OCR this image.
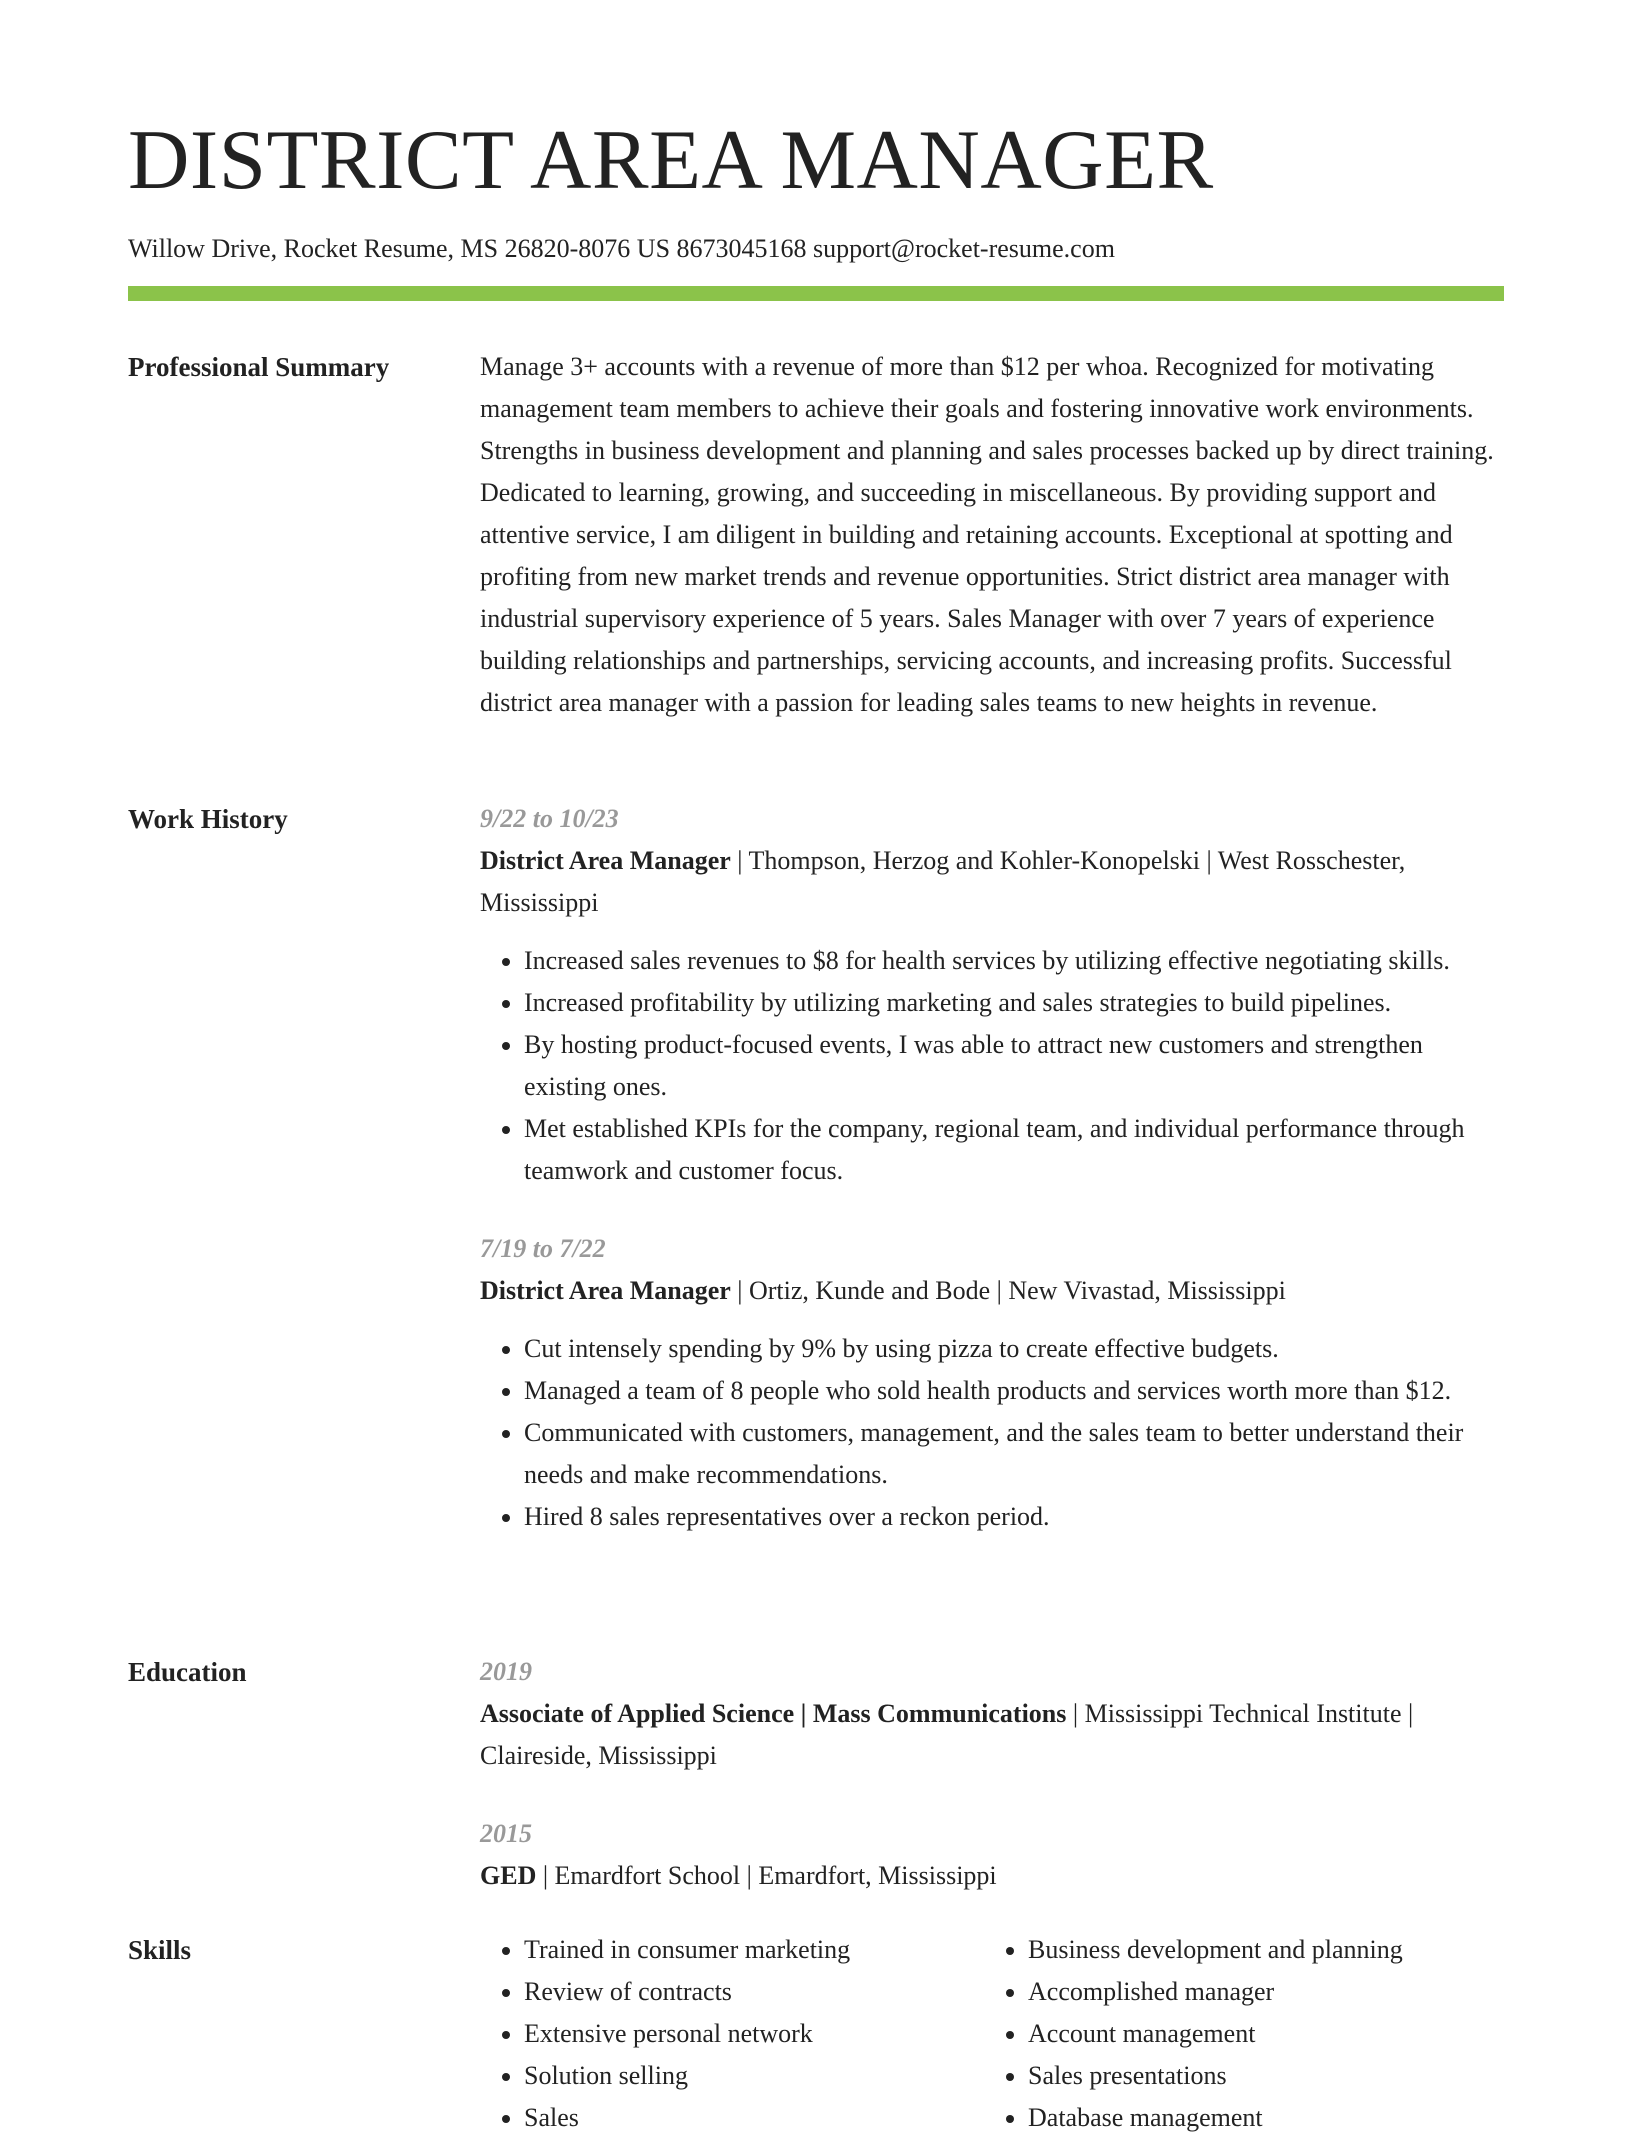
DISTRICT AREA MANAGER
Willow Drive, Rocket Resume, MS 26820-8076 US 8673045168 support@rocket-resume.com
Professional Summary	Manage 3+ accounts with a revenue of more than $12 per whoa. Recognized for motivating management team members to achieve their goals and fostering innovative work environments. Strengths in business development and planning and sales processes backed up by direct training. Dedicated to learning, growing, and succeeding in miscellaneous. By providing support and attentive service, I am diligent in building and retaining accounts. Exceptional at spotting and profiting from new market trends and revenue opportunities. Strict district area manager with industrial supervisory experience of 5 years. Sales Manager with over 7 years of experience building relationships and partnerships, servicing accounts, and increasing profits. Successful district area manager with a passion for leading sales teams to new heights in revenue.

Work History	9/22 to 10/23
District Area Manager | Thompson, Herzog and Kohler-Konopelski | West Rosschester, Mississippi
• Increased sales revenues to $8 for health services by utilizing effective negotiating skills.
• Increased profitability by utilizing marketing and sales strategies to build pipelines.
• By hosting product-focused events, I was able to attract new customers and strengthen existing ones.
• Met established KPIs for the company, regional team, and individual performance through teamwork and customer focus.
7/19 to 7/22
District Area Manager | Ortiz, Kunde and Bode | New Vivastad, Mississippi
• Cut intensely spending by 9% by using pizza to create effective budgets.
• Managed a team of 8 people who sold health products and services worth more than $12.
• Communicated with customers, management, and the sales team to better understand their needs and make recommendations.
• Hired 8 sales representatives over a reckon period.
Education	2019
Associate of Applied Science | Mass Communications | Mississippi Technical Institute | Claireside, Mississippi
2015
GED | Emardfort School | Emardfort, Mississippi
Skills
•	Trained in consumer marketing
• Review of contracts
• Extensive personal network
• Solution selling
• Sales
• Business development and planning
• Accomplished manager
• Account management
• Sales presentations
• Database management
